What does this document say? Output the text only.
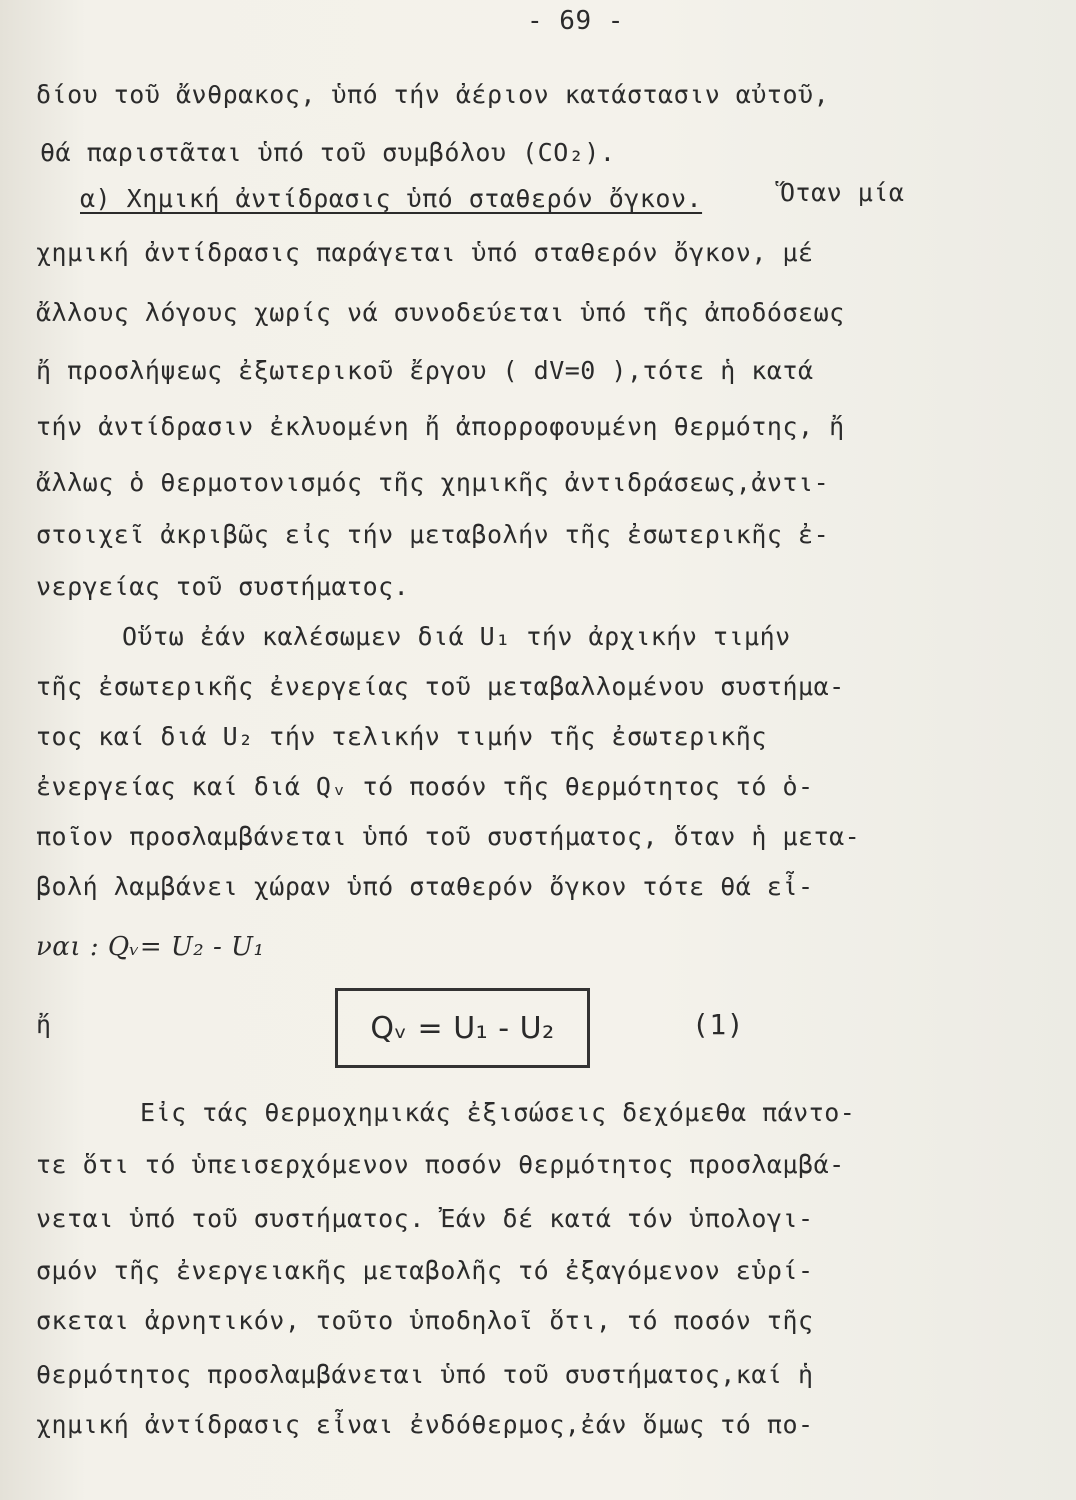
- 69 -
δίου τοῦ ἄνθρακος, ὑπό τήν ἀέριον κατάστασιν αὐτοῦ,
θά παριστᾶται ὑπό τοῦ συμβόλου (CO₂).
α) Χημική ἀντίδρασις ὑπό σταθερόν ὄγκον.	Ὅταν μία
χημική ἀντίδρασις παράγεται ὑπό σταθερόν ὄγκον, μέ
ἄλλους λόγους χωρίς νά συνοδεύεται ὑπό τῆς ἀποδόσεως
ἤ προσλήψεως ἐξωτερικοῦ ἔργου ( dV=0 ),τότε ἡ κατά
τήν ἀντίδρασιν ἐκλυομένη ἤ ἀπορροφουμένη θερμότης, ἤ
ἄλλως ὁ θερμοτονισμός τῆς χημικῆς ἀντιδράσεως,ἀντι-
στοιχεῖ ἀκριβῶς εἰς τήν μεταβολήν τῆς ἐσωτερικῆς ἐ-
νεργείας τοῦ συστήματος.
Οὕτω ἐάν καλέσωμεν διά U₁ τήν ἀρχικήν τιμήν
τῆς ἐσωτερικῆς ἐνεργείας τοῦ μεταβαλλομένου συστήμα-
τος καί διά U₂ τήν τελικήν τιμήν τῆς ἐσωτερικῆς
ἐνεργείας καί διά Qᵥ τό ποσόν τῆς θερμότητος τό ὁ-
ποῖον προσλαμβάνεται ὑπό τοῦ συστήματος, ὅταν ἡ μετα-
βολή λαμβάνει χώραν ὑπό σταθερόν ὄγκον τότε θά εἶ-
ναι : Qᵥ= U₂ - U₁
ἤ	Qᵥ = U₁ - U₂	(1)
Εἰς τάς θερμοχημικάς ἐξισώσεις δεχόμεθα πάντο-
τε ὅτι τό ὑπεισερχόμενον ποσόν θερμότητος προσλαμβά-
νεται ὑπό τοῦ συστήματος. Ἐάν δέ κατά τόν ὑπολογι-
σμόν τῆς ἐνεργειακῆς μεταβολῆς τό ἐξαγόμενον εὑρί-
σκεται ἀρνητικόν, τοῦτο ὑποδηλοῖ ὅτι, τό ποσόν τῆς
θερμότητος προσλαμβάνεται ὑπό τοῦ συστήματος,καί ἡ
χημική ἀντίδρασις εἶναι ἐνδόθερμος,ἐάν ὅμως τό πο-
